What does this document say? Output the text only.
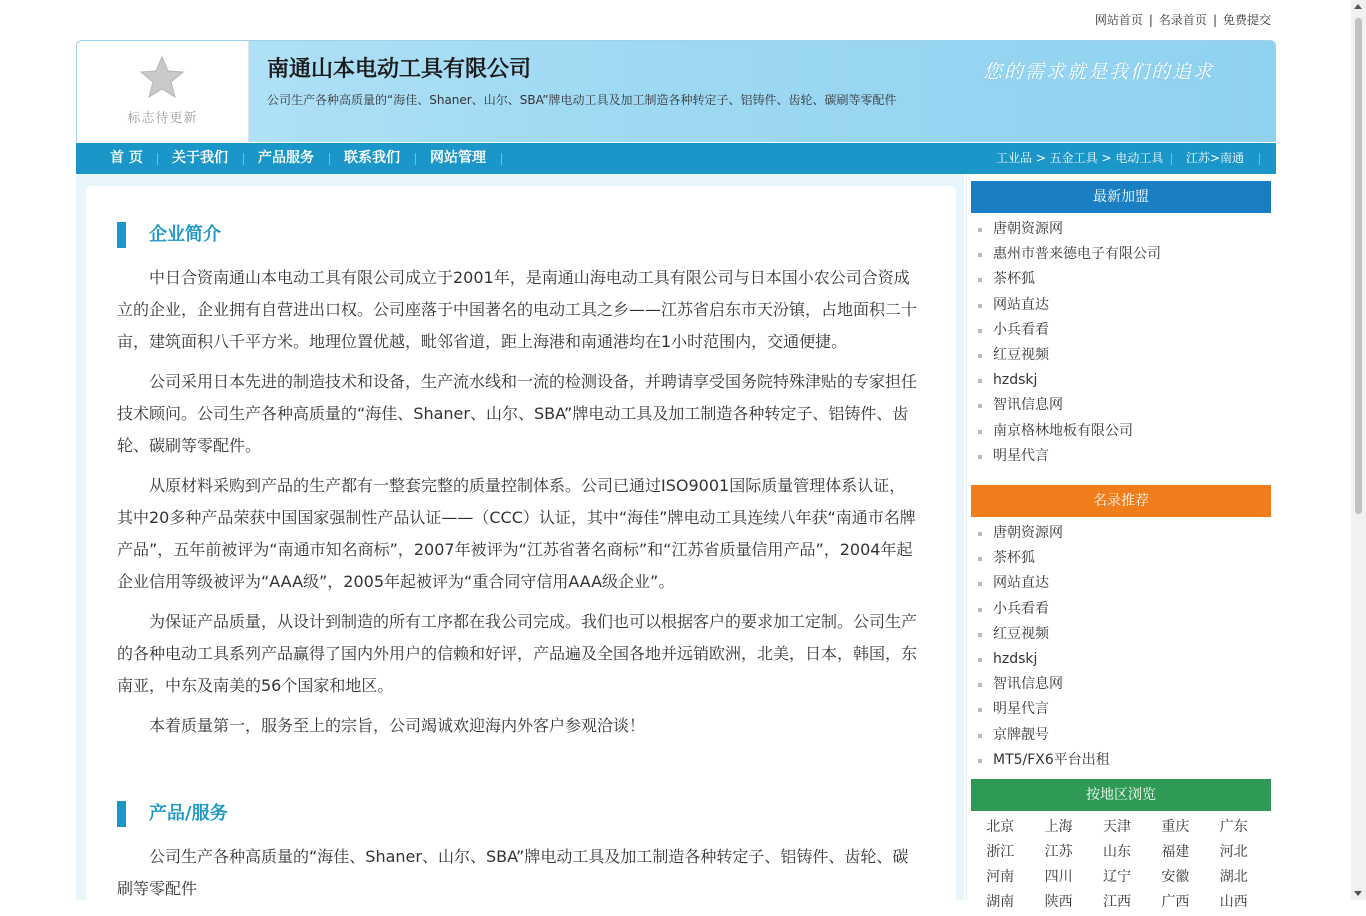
网站首页 | 名录首页 | 免费提交
标志待更新
南通山本电动工具有限公司
公司生产各种高质量的“海佳、Shaner、山尔、SBA”牌电动工具及加工制造各种转定子、铝铸件、齿轮、碳刷等零配件
您的需求就是我们的追求
首 页 关于我们 产品服务 联系我们 网站管理	工业品 > 五金工具 > 电动工具 江苏>南通
企业简介

中日合资南通山本电动工具有限公司成立于2001年，是南通山海电动工具有限公司与日本国小农公司合资成立的企业，企业拥有自营进出口权。公司座落于中国著名的电动工具之乡——江苏省启东市天汾镇，占地面积二十亩，建筑面积八千平方米。地理位置优越，毗邻省道，距上海港和南通港均在1小时范围内，交通便捷。

公司采用日本先进的制造技术和设备，生产流水线和一流的检测设备，并聘请享受国务院特殊津贴的专家担任技术顾问。公司生产各种高质量的“海佳、Shaner、山尔、SBA”牌电动工具及加工制造各种转定子、铝铸件、齿轮、碳刷等零配件。

从原材料采购到产品的生产都有一整套完整的质量控制体系。公司已通过ISO9001国际质量管理体系认证，其中20多种产品荣获中国国家强制性产品认证——（CCC）认证，其中“海佳”牌电动工具连续八年获“南通市名牌产品”，五年前被评为“南通市知名商标”，2007年被评为“江苏省著名商标”和“江苏省质量信用产品”，2004年起企业信用等级被评为“AAA级”，2005年起被评为“重合同守信用AAA级企业”。

为保证产品质量，从设计到制造的所有工序都在我公司完成。我们也可以根据客户的要求加工定制。公司生产的各种电动工具系列产品赢得了国内外用户的信赖和好评，产品遍及全国各地并远销欧洲，北美，日本，韩国，东南亚，中东及南美的56个国家和地区。

本着质量第一，服务至上的宗旨，公司竭诚欢迎海内外客户参观洽谈！

产品/服务

公司生产各种高质量的“海佳、Shaner、山尔、SBA”牌电动工具及加工制造各种转定子、铝铸件、齿轮、碳刷等零配件

最新加盟
唐朝资源网
惠州市普来德电子有限公司
茶杯狐
网站直达
小兵看看
红豆视频
hzdskj
智讯信息网
南京格林地板有限公司
明星代言
名录推荐
唐朝资源网
茶杯狐
网站直达
小兵看看
红豆视频
hzdskj
智讯信息网
明星代言
京牌靓号
MT5/FX6平台出租
按地区浏览
北京	上海	天津	重庆	广东
浙江	江苏	山东	福建	河北
河南	四川	辽宁	安徽	湖北
湖南	陕西	江西	广西	山西
